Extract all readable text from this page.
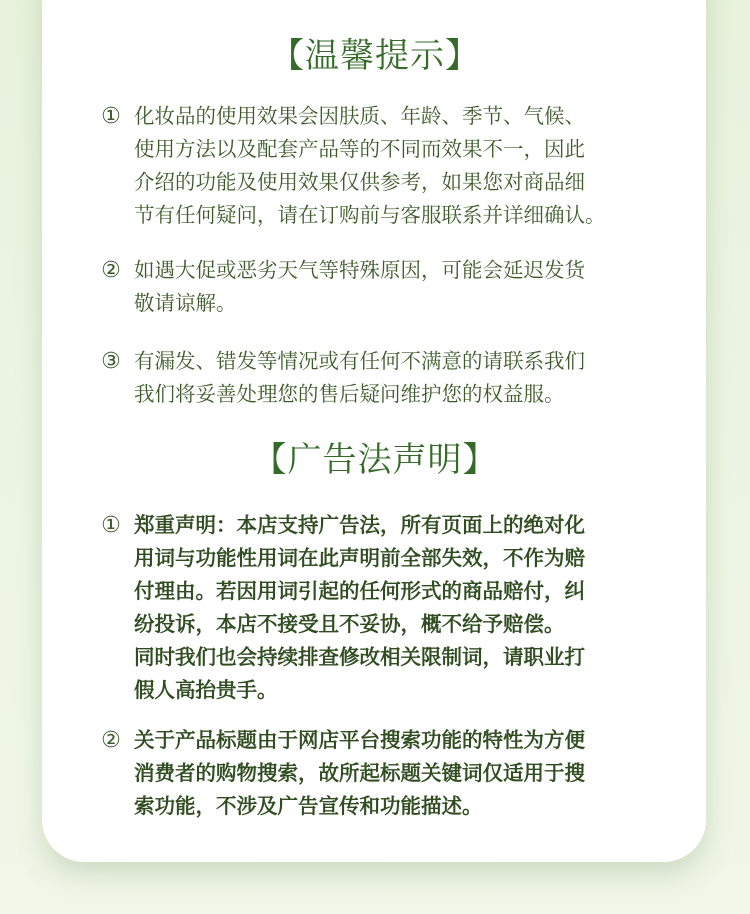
【温馨提示】
① 化妆品的使用效果会因肤质、年龄、季节、气候、
使用方法以及配套产品等的不同而效果不一，因此
介绍的功能及使用效果仅供参考，如果您对商品细
节有任何疑问，请在订购前与客服联系并详细确认。
② 如遇大促或恶劣天气等特殊原因，可能会延迟发货
敬请谅解。
③ 有漏发、错发等情况或有任何不满意的请联系我们
我们将妥善处理您的售后疑问维护您的权益服。
【广告法声明】
① 郑重声明：本店支持广告法，所有页面上的绝对化
用词与功能性用词在此声明前全部失效，不作为赔
付理由。若因用词引起的任何形式的商品赔付，纠
纷投诉，本店不接受且不妥协，概不给予赔偿。
同时我们也会持续排查修改相关限制词，请职业打
假人高抬贵手。
② 关于产品标题由于网店平台搜索功能的特性为方便
消费者的购物搜索，故所起标题关键词仅适用于搜
索功能，不涉及广告宣传和功能描述。
